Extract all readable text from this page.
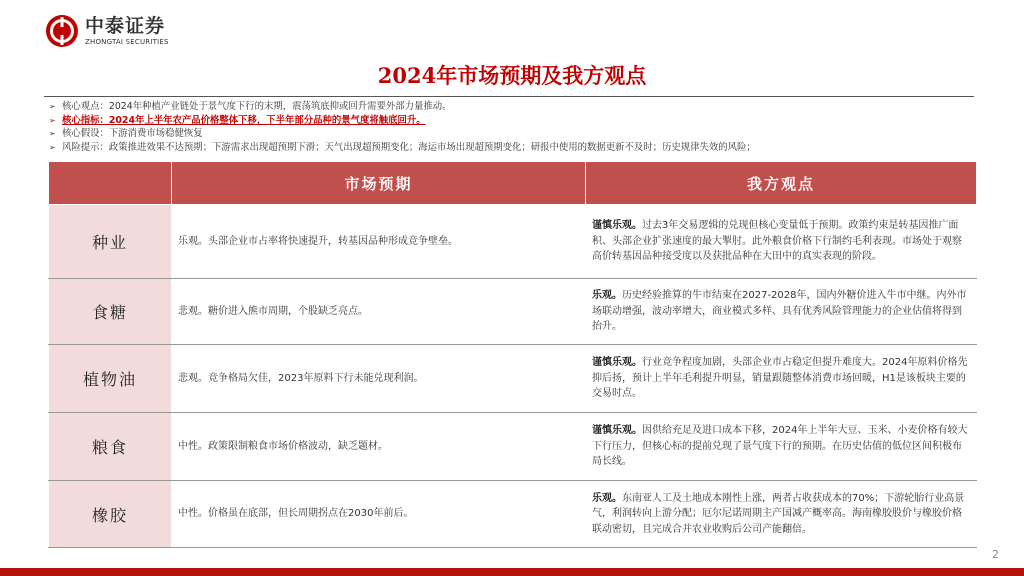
中泰证券
ZHONGTAI SECURITIES
2024年市场预期及我方观点
➢ 核心观点：2024年种植产业链处于景气度下行的末期，震荡筑底抑或回升需要外部力量推动。
➢ 核心指标：2024年上半年农产品价格整体下移，下半年部分品种的景气度将触底回升。
➢ 核心假设：下游消费市场稳健恢复
➢ 风险提示：政策推进效果不达预期；下游需求出现超预期下滑；天气出现超预期变化；海运市场出现超预期变化；研报中使用的数据更新不及时；历史规律失效的风险；
	市场预期	我方观点
种业	乐观。头部企业市占率将快速提升，转基因品种形成竞争壁垒。	谨慎乐观。过去3年交易逻辑的兑现但核心变量低于预期。政策约束是转基因推广面积、头部企业扩张速度的最大掣肘。此外粮食价格下行制约毛利表现。市场处于观察高价转基因品种接受度以及获批品种在大田中的真实表现的阶段。
食糖	悲观。糖价进入熊市周期，个股缺乏亮点。	乐观。历史经验推算的牛市结束在2027-2028年，国内外糖价进入牛市中继。内外市场联动增强，波动率增大，商业模式多样、具有优秀风险管理能力的企业估值将得到抬升。
植物油	悲观。竞争格局欠佳，2023年原料下行未能兑现利润。	谨慎乐观。行业竞争程度加剧，头部企业市占稳定但提升难度大。2024年原料价格先抑后扬，预计上半年毛利提升明显，销量跟随整体消费市场回暖，H1是该板块主要的交易时点。
粮食	中性。政策限制粮食市场价格波动，缺乏题材。	谨慎乐观。因供给充足及进口成本下移，2024年上半年大豆、玉米、小麦价格有较大下行压力，但核心标的提前兑现了景气度下行的预期。在历史估值的低位区间积极布局长线。
橡胶	中性。价格虽在底部，但长周期拐点在2030年前后。	乐观。东南亚人工及土地成本刚性上涨，两者占收获成本的70%；下游轮胎行业高景气，利润转向上游分配；厄尔尼诺周期主产国减产概率高。海南橡胶股价与橡胶价格联动密切，且完成合并农业收购后公司产能翻倍。
2
